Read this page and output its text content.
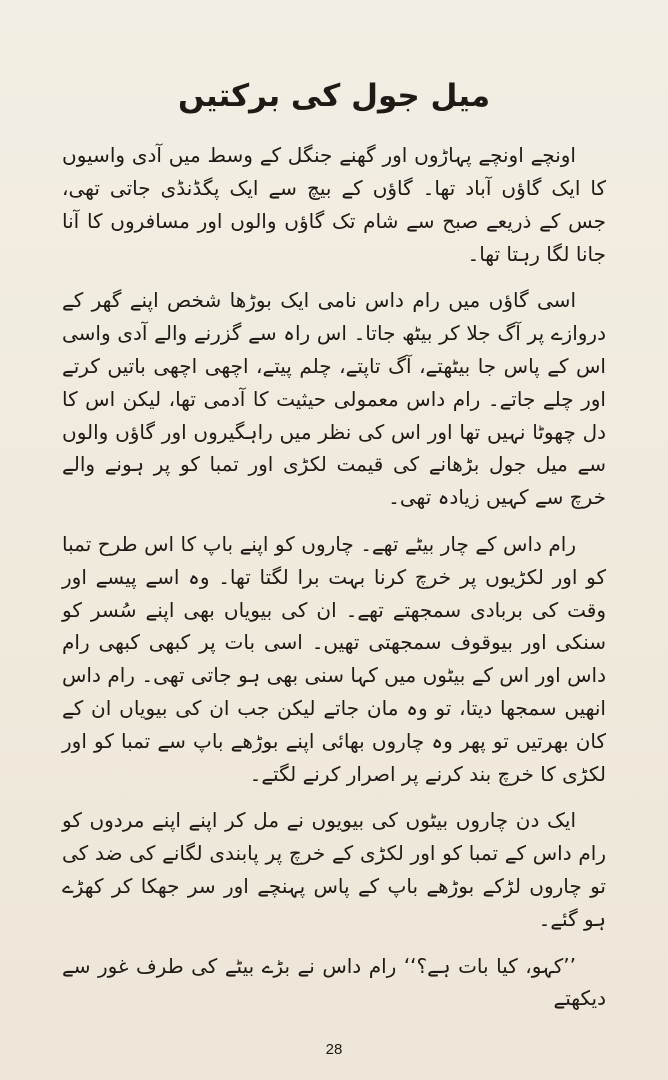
میل جول کی برکتیں

اونچے اونچے پہاڑوں اور گھنے جنگل کے وسط میں آدی واسیوں کا ایک گاؤں آباد تھا۔ گاؤں کے بیچ سے ایک پگڈنڈی جاتی تھی، جس کے ذریعے صبح سے شام تک گاؤں والوں اور مسافروں کا آنا جانا لگا رہتا تھا۔

اسی گاؤں میں رام داس نامی ایک بوڑھا شخص اپنے گھر کے دروازے پر آگ جلا کر بیٹھ جاتا۔ اس راہ سے گزرنے والے آدی واسی اس کے پاس جا بیٹھتے، آگ تاپتے، چلم پیتے، اچھی اچھی باتیں کرتے اور چلے جاتے۔ رام داس معمولی حیثیت کا آدمی تھا، لیکن اس کا دل چھوٹا نہیں تھا اور اس کی نظر میں راہگیروں اور گاؤں والوں سے میل جول بڑھانے کی قیمت لکڑی اور تمبا کو پر ہونے والے خرچ سے کہیں زیادہ تھی۔

رام داس کے چار بیٹے تھے۔ چاروں کو اپنے باپ کا اس طرح تمبا کو اور لکڑیوں پر خرچ کرنا بہت برا لگتا تھا۔ وہ اسے پیسے اور وقت کی بربادی سمجھتے تھے۔ ان کی بیویاں بھی اپنے سُسر کو سنکی اور بیوقوف سمجھتی تھیں۔ اسی بات پر کبھی کبھی رام داس اور اس کے بیٹوں میں کہا سنی بھی ہو جاتی تھی۔ رام داس انھیں سمجھا دیتا، تو وہ مان جاتے لیکن جب ان کی بیویاں ان کے کان بھرتیں تو پھر وہ چاروں بھائی اپنے بوڑھے باپ سے تمبا کو اور لکڑی کا خرچ بند کرنے پر اصرار کرنے لگتے۔

ایک دن چاروں بیٹوں کی بیویوں نے مل کر اپنے اپنے مردوں کو رام داس کے تمبا کو اور لکڑی کے خرچ پر پابندی لگانے کی ضد کی تو چاروں لڑکے بوڑھے باپ کے پاس پہنچے اور سر جھکا کر کھڑے ہو گئے۔

’’کہو، کیا بات ہے؟‘‘ رام داس نے بڑے بیٹے کی طرف غور سے دیکھتے

28
